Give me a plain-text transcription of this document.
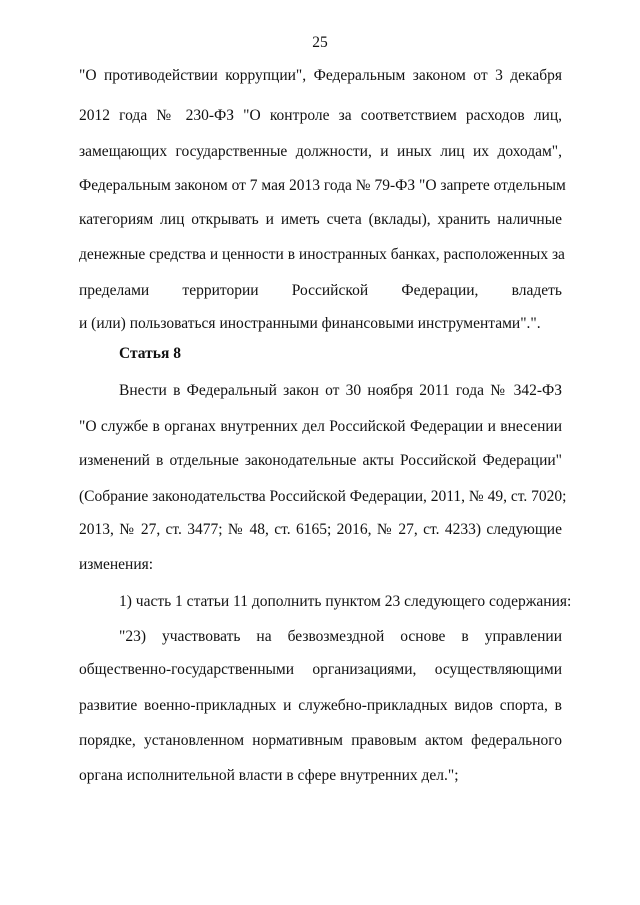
25
"О противодействии коррупции", Федеральным законом от 3 декабря
2012 года № 230-ФЗ "О контроле за соответствием расходов лиц,
замещающих государственные должности, и иных лиц их доходам",
Федеральным законом от 7 мая 2013 года № 79-ФЗ "О запрете отдельным
категориям лиц открывать и иметь счета (вклады), хранить наличные
денежные средства и ценности в иностранных банках, расположенных за
пределами территории Российской Федерации, владеть
и (или) пользоваться иностранными финансовыми инструментами".".
Статья 8
Внести в Федеральный закон от 30 ноября 2011 года № 342-ФЗ
"О службе в органах внутренних дел Российской Федерации и внесении
изменений в отдельные законодательные акты Российской Федерации"
(Собрание законодательства Российской Федерации, 2011, № 49, ст. 7020;
2013, № 27, ст. 3477; № 48, ст. 6165; 2016, № 27, ст. 4233) следующие
изменения:
1) часть 1 статьи 11 дополнить пунктом 23 следующего содержания:
"23) участвовать на безвозмездной основе в управлении
общественно-государственными организациями, осуществляющими
развитие военно-прикладных и служебно-прикладных видов спорта, в
порядке, установленном нормативным правовым актом федерального
органа исполнительной власти в сфере внутренних дел.";
